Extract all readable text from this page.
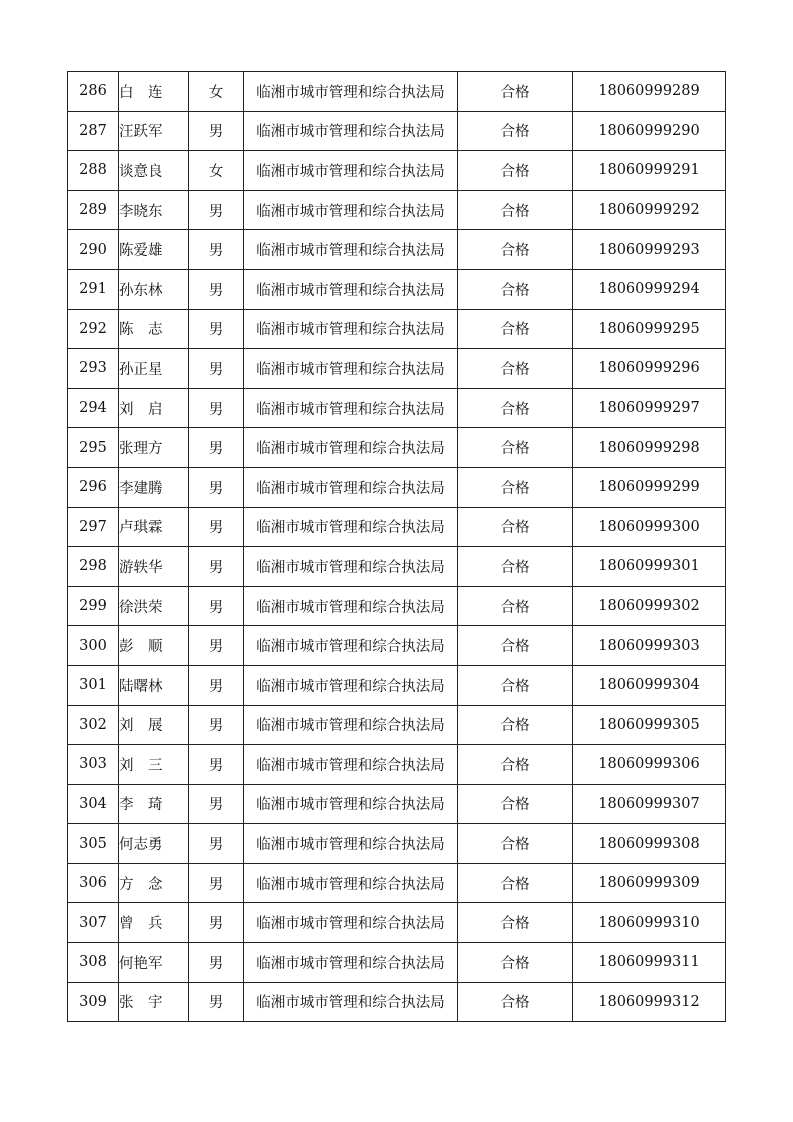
286	白　连	女	临湘市城市管理和综合执法局	合格	18060999289
287	汪跃军	男	临湘市城市管理和综合执法局	合格	18060999290
288	谈意良	女	临湘市城市管理和综合执法局	合格	18060999291
289	李晓东	男	临湘市城市管理和综合执法局	合格	18060999292
290	陈爱雄	男	临湘市城市管理和综合执法局	合格	18060999293
291	孙东林	男	临湘市城市管理和综合执法局	合格	18060999294
292	陈　志	男	临湘市城市管理和综合执法局	合格	18060999295
293	孙正星	男	临湘市城市管理和综合执法局	合格	18060999296
294	刘　启	男	临湘市城市管理和综合执法局	合格	18060999297
295	张理方	男	临湘市城市管理和综合执法局	合格	18060999298
296	李建腾	男	临湘市城市管理和综合执法局	合格	18060999299
297	卢琪霖	男	临湘市城市管理和综合执法局	合格	18060999300
298	游轶华	男	临湘市城市管理和综合执法局	合格	18060999301
299	徐洪荣	男	临湘市城市管理和综合执法局	合格	18060999302
300	彭　顺	男	临湘市城市管理和综合执法局	合格	18060999303
301	陆曙林	男	临湘市城市管理和综合执法局	合格	18060999304
302	刘　展	男	临湘市城市管理和综合执法局	合格	18060999305
303	刘　三	男	临湘市城市管理和综合执法局	合格	18060999306
304	李　琦	男	临湘市城市管理和综合执法局	合格	18060999307
305	何志勇	男	临湘市城市管理和综合执法局	合格	18060999308
306	方　念	男	临湘市城市管理和综合执法局	合格	18060999309
307	曾　兵	男	临湘市城市管理和综合执法局	合格	18060999310
308	何艳军	男	临湘市城市管理和综合执法局	合格	18060999311
309	张　宇	男	临湘市城市管理和综合执法局	合格	18060999312
